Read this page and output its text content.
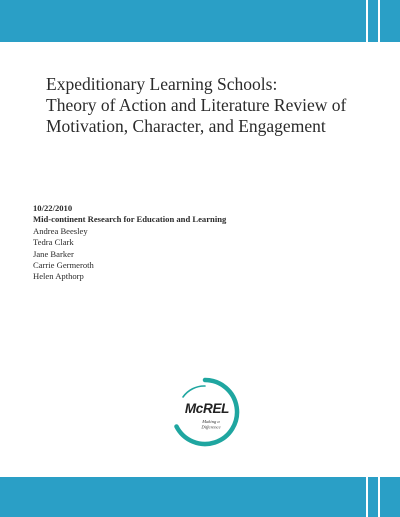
Expeditionary Learning Schools:
Theory of Action and Literature Review of
Motivation, Character, and Engagement
10/22/2010
Mid-continent Research for Education and Learning
Andrea Beesley
Tedra Clark
Jane Barker
Carrie Germeroth
Helen Apthorp
McREL
Making a
Difference
